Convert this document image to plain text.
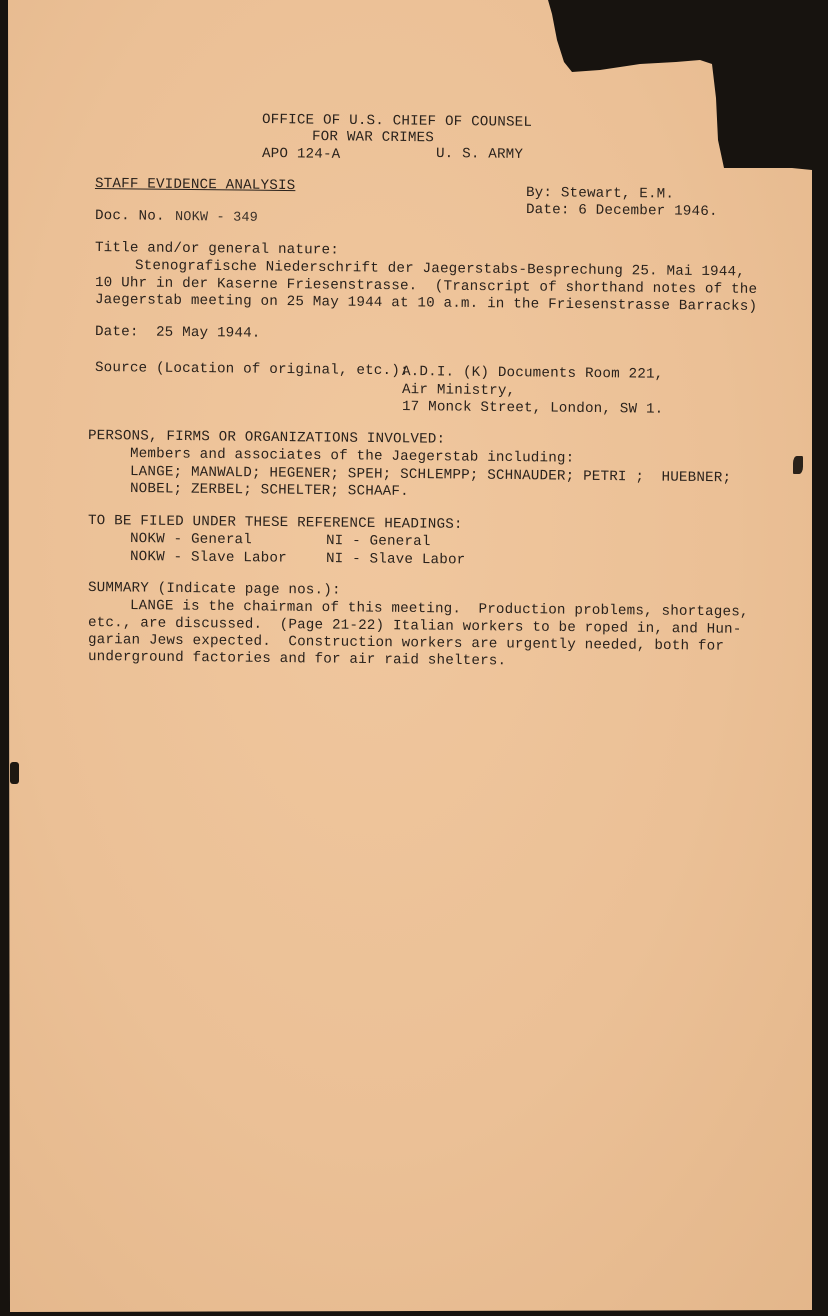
OFFICE OF U.S. CHIEF OF COUNSEL

FOR WAR CRIMES

APO 124-A	U. S. ARMY

STAFF EVIDENCE ANALYSIS	By: Stewart, E.M.

Date: 6 December 1946.

Doc. No. NOKW - 349

Title and/or general nature:

Stenografische Niederschrift der Jaegerstabs-Besprechung 25. Mai 1944,

10 Uhr in der Kaserne Friesenstrasse.  (Transcript of shorthand notes of the

Jaegerstab meeting on 25 May 1944 at 10 a.m. in the Friesenstrasse Barracks)

Date:  25 May 1944.

Source (Location of original, etc.):

A.D.I. (K) Documents Room 221,

Air Ministry,

17 Monck Street, London, SW 1.

PERSONS, FIRMS OR ORGANIZATIONS INVOLVED:

Members and associates of the Jaegerstab including:

LANGE; MANWALD; HEGENER; SPEH; SCHLEMPP; SCHNAUDER; PETRI ;  HUEBNER;

NOBEL; ZERBEL; SCHELTER; SCHAAF.

TO BE FILED UNDER THESE REFERENCE HEADINGS:

NOKW - General

NOKW - Slave Labor

NI - General

NI - Slave Labor

SUMMARY (Indicate page nos.):

LANGE is the chairman of this meeting.  Production problems, shortages,

etc., are discussed.  (Page 21-22) Italian workers to be roped in, and Hun-

garian Jews expected.  Construction workers are urgently needed, both for

underground factories and for air raid shelters.
